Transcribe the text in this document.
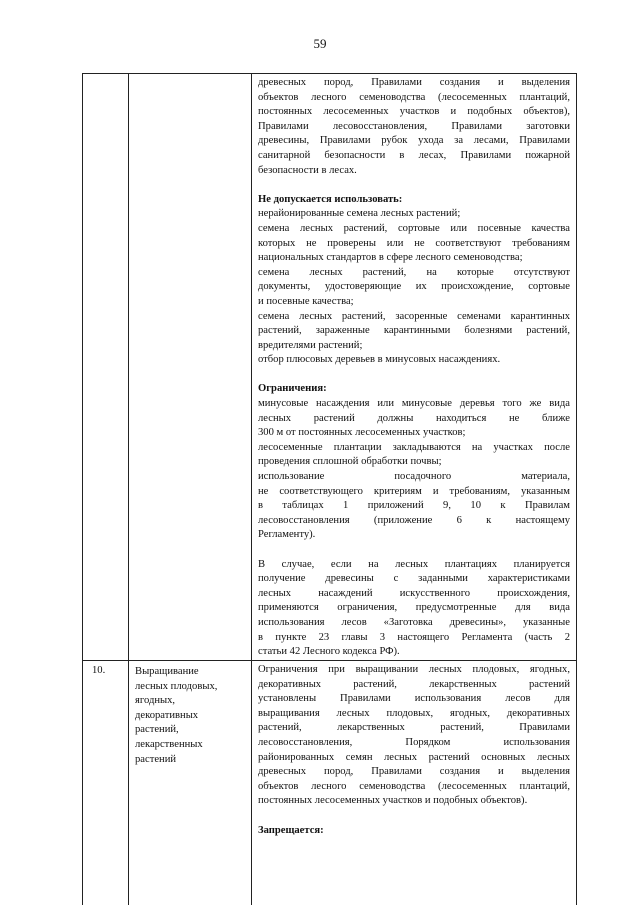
59
древесных пород, Правилами создания и выделения
объектов лесного семеноводства (лесосеменных плантаций,
постоянных лесосеменных участков и подобных объектов),
Правилами лесовосстановления, Правилами заготовки
древесины, Правилами рубок ухода за лесами, Правилами
санитарной безопасности в лесах, Правилами пожарной
безопасности в лесах.
Не допускается использовать:
нерайонированные семена лесных растений;
семена лесных растений, сортовые или посевные качества
которых не проверены или не соответствуют требованиям
национальных стандартов в сфере лесного семеноводства;
семена лесных растений, на которые отсутствуют
документы, удостоверяющие их происхождение, сортовые
и посевные качества;
семена лесных растений, засоренные семенами карантинных
растений, зараженные карантинными болезнями растений,
вредителями растений;
отбор плюсовых деревьев в минусовых насаждениях.
Ограничения:
минусовые насаждения или минусовые деревья того же вида
лесных растений должны находиться не ближе
300 м от постоянных лесосеменных участков;
лесосеменные плантации закладываются на участках после
проведения сплошной обработки почвы;
использование посадочного материала,
не соответствующего критериям и требованиям, указанным
в таблицах 1 приложений 9, 10 к Правилам
лесовосстановления (приложение 6 к настоящему
Регламенту).
В случае, если на лесных плантациях планируется
получение древесины с заданными характеристиками
лесных насаждений искусственного происхождения,
применяются ограничения, предусмотренные для вида
использования лесов «Заготовка древесины», указанные
в пункте 23 главы 3 настоящего Регламента (часть 2
статьи 42 Лесного кодекса РФ).
10.	Выращивание
лесных плодовых,
ягодных,
декоративных
растений,
лекарственных
растений
Ограничения при выращивании лесных плодовых, ягодных,
декоративных растений, лекарственных растений
установлены Правилами использования лесов для
выращивания лесных плодовых, ягодных, декоративных
растений, лекарственных растений, Правилами
лесовосстановления, Порядком использования
районированных семян лесных растений основных лесных
древесных пород, Правилами создания и выделения
объектов лесного семеноводства (лесосеменных плантаций,
постоянных лесосеменных участков и подобных объектов).
Запрещается:
